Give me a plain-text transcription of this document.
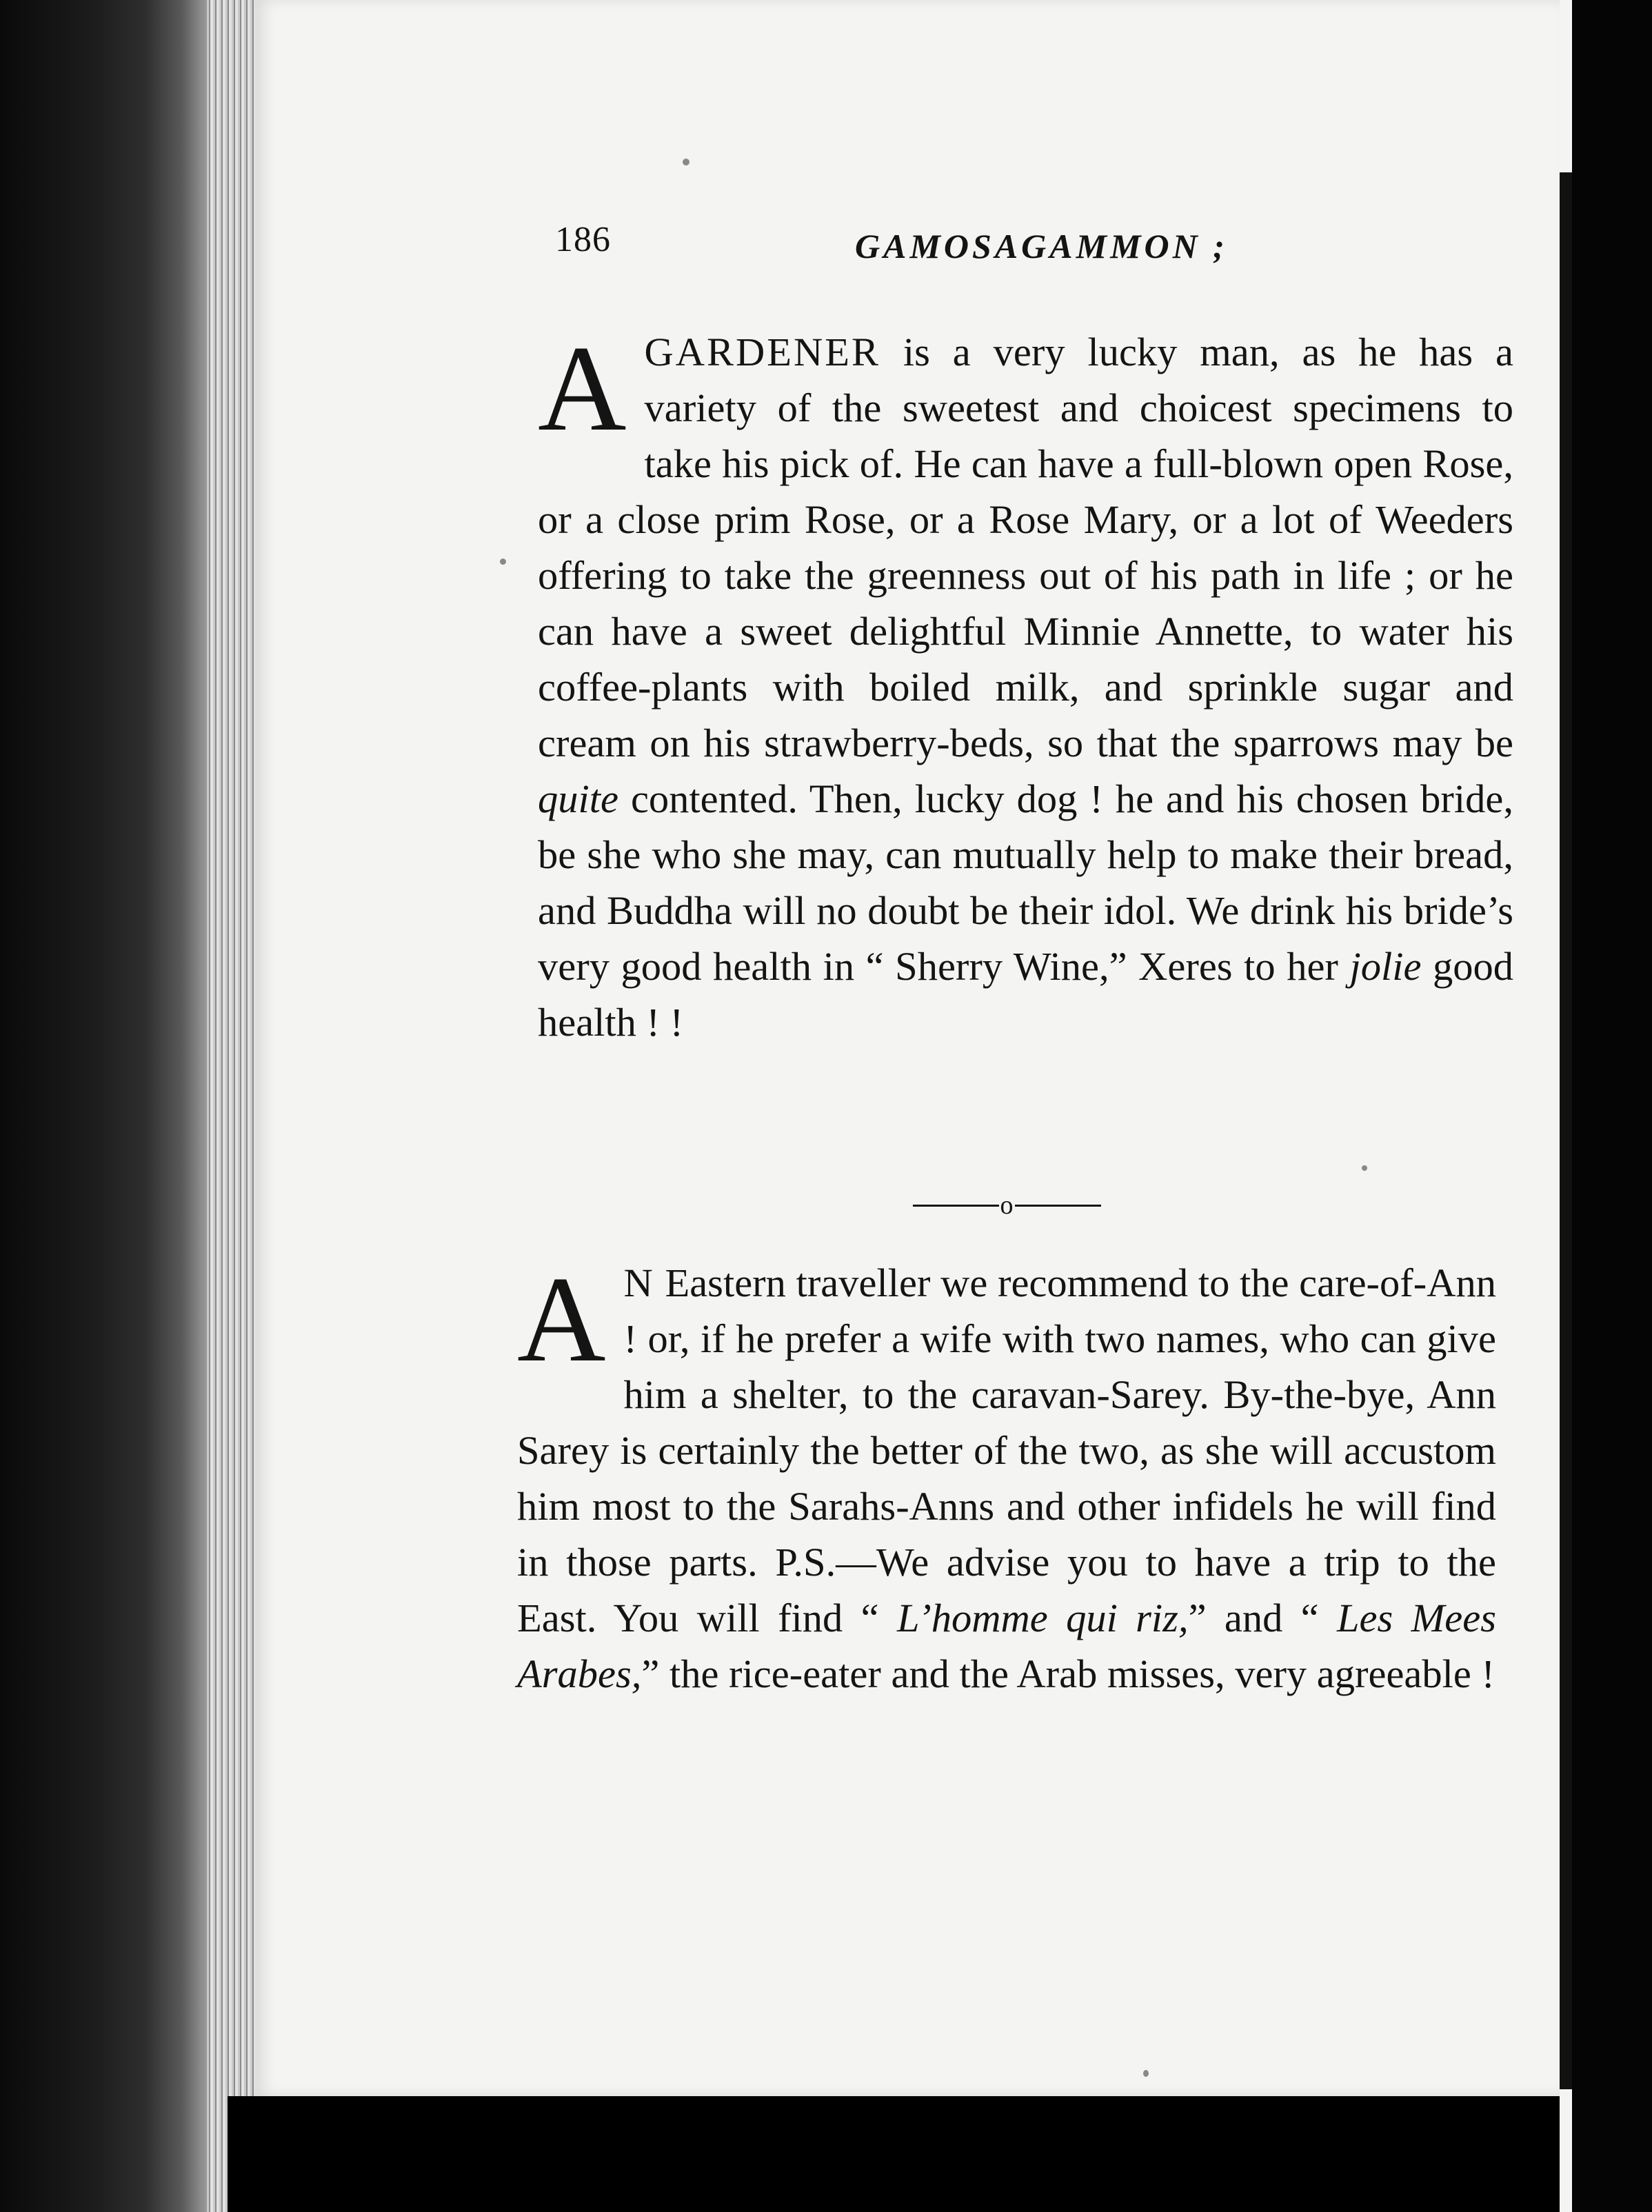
186	GAMOSAGAMMON ;

AGARDENER is a very lucky man, as he has a variety of the sweetest and choicest specimens to take his pick of. He can have a full-blown open Rose, or a close prim Rose, or a Rose Mary, or a lot of Weeders offering to take the greenness out of his path in life ; or he can have a sweet delightful Minnie Annette, to water his coffee-plants with boiled milk, and sprinkle sugar and cream on his strawberry-beds, so that the sparrows may be quite contented. Then, lucky dog ! he and his chosen bride, be she who she may, can mutually help to make their bread, and Buddha will no doubt be their idol. We drink his bride’s very good health in “ Sherry Wine,” Xeres to her jolie good health ! !

o

A N Eastern traveller we recommend to the care-of-Ann ! or, if he prefer a wife with two names, who can give him a shelter, to the caravan-Sarey. By-the-bye, Ann Sarey is certainly the better of the two, as she will accustom him most to the Sarahs-Anns and other infidels he will find in those parts. P.S.—We advise you to have a trip to the East. You will find “ L’homme qui riz,” and “ Les Mees Arabes,” the rice-eater and the Arab misses, very agreeable !
